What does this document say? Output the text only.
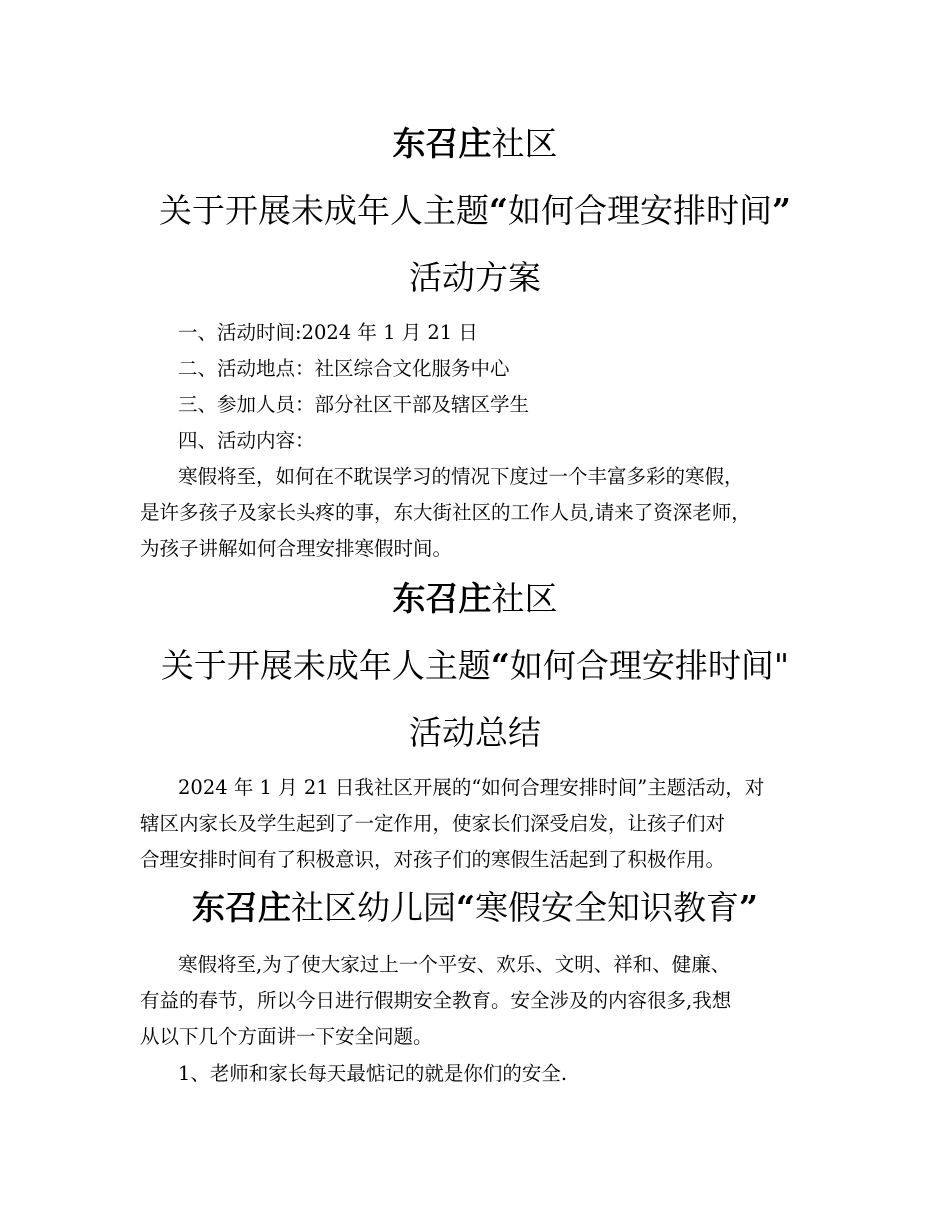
东召庄社区
关于开展未成年人主题“如何合理安排时间”
活动方案
一、活动时间:2024 年 1 月 21 日
二、活动地点：社区综合文化服务中心
三、参加人员：部分社区干部及辖区学生
四、活动内容：
寒假将至，如何在不耽误学习的情况下度过一个丰富多彩的寒假，
是许多孩子及家长头疼的事，东大街社区的工作人员,请来了资深老师，
为孩子讲解如何合理安排寒假时间。
东召庄社区
关于开展未成年人主题“如何合理安排时间"
活动总结
2024 年 1 月 21 日我社区开展的“如何合理安排时间”主题活动，对
辖区内家长及学生起到了一定作用，使家长们深受启发，让孩子们对
合理安排时间有了积极意识，对孩子们的寒假生活起到了积极作用。
东召庄社区幼儿园“寒假安全知识教育”
寒假将至,为了使大家过上一个平安、欢乐、文明、祥和、健廉、
有益的春节，所以今日进行假期安全教育。安全涉及的内容很多,我想
从以下几个方面讲一下安全问题。
1、老师和家长每天最惦记的就是你们的安全.
